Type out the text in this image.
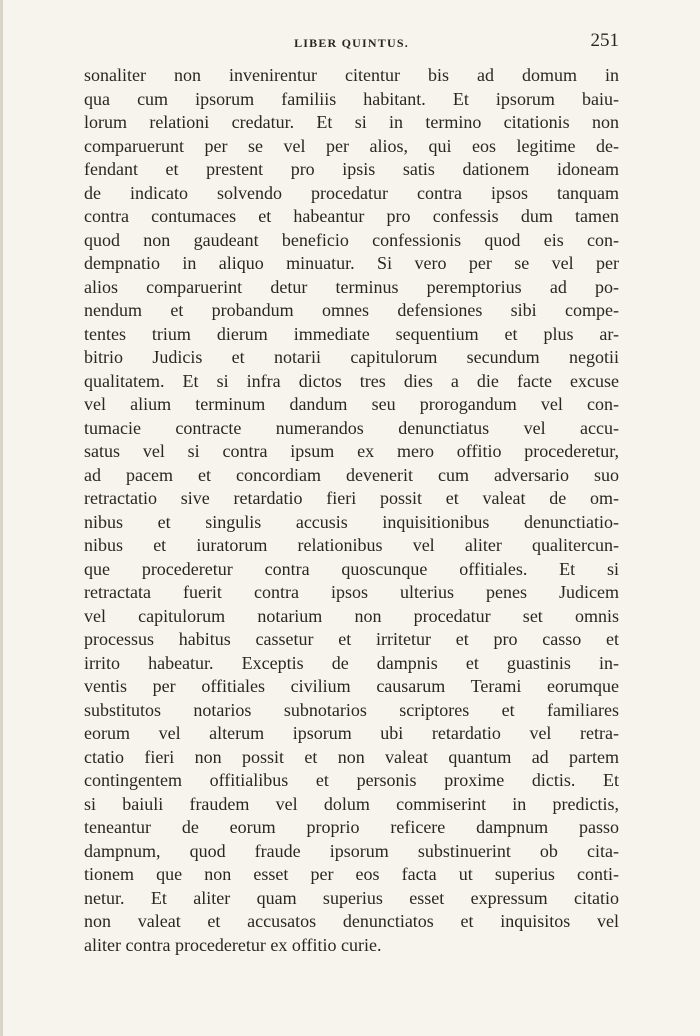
LIBER QUINTUS.	251
sonaliter non invenirentur citentur bis ad domum in
qua cum ipsorum familiis habitant. Et ipsorum baiu-
lorum relationi credatur. Et si in termino citationis non
comparuerunt per se vel per alios, qui eos legitime de-
fendant et prestent pro ipsis satis dationem idoneam
de indicato solvendo procedatur contra ipsos tanquam
contra contumaces et habeantur pro confessis dum tamen
quod non gaudeant beneficio confessionis quod eis con-
dempnatio in aliquo minuatur. Si vero per se vel per
alios comparuerint detur terminus peremptorius ad po-
nendum et probandum omnes defensiones sibi compe-
tentes trium dierum immediate sequentium et plus ar-
bitrio Judicis et notarii capitulorum secundum negotii
qualitatem. Et si infra dictos tres dies a die facte excuse
vel alium terminum dandum seu prorogandum vel con-
tumacie contracte numerandos denunctiatus vel accu-
satus vel si contra ipsum ex mero offitio procederetur,
ad pacem et concordiam devenerit cum adversario suo
retractatio sive retardatio fieri possit et valeat de om-
nibus et singulis accusis inquisitionibus denunctiatio-
nibus et iuratorum relationibus vel aliter qualitercun-
que procederetur contra quoscunque offitiales. Et si
retractata fuerit contra ipsos ulterius penes Judicem
vel capitulorum notarium non procedatur set omnis
processus habitus cassetur et irritetur et pro casso et
irrito habeatur. Exceptis de dampnis et guastinis in-
ventis per offitiales civilium causarum Terami eorumque
substitutos notarios subnotarios scriptores et familiares
eorum vel alterum ipsorum ubi retardatio vel retra-
ctatio fieri non possit et non valeat quantum ad partem
contingentem offitialibus et personis proxime dictis. Et
si baiuli fraudem vel dolum commiserint in predictis,
teneantur de eorum proprio reficere dampnum passo
dampnum, quod fraude ipsorum substinuerint ob cita-
tionem que non esset per eos facta ut superius conti-
netur. Et aliter quam superius esset expressum citatio
non valeat et accusatos denunctiatos et inquisitos vel
aliter contra procederetur ex offitio curie.
